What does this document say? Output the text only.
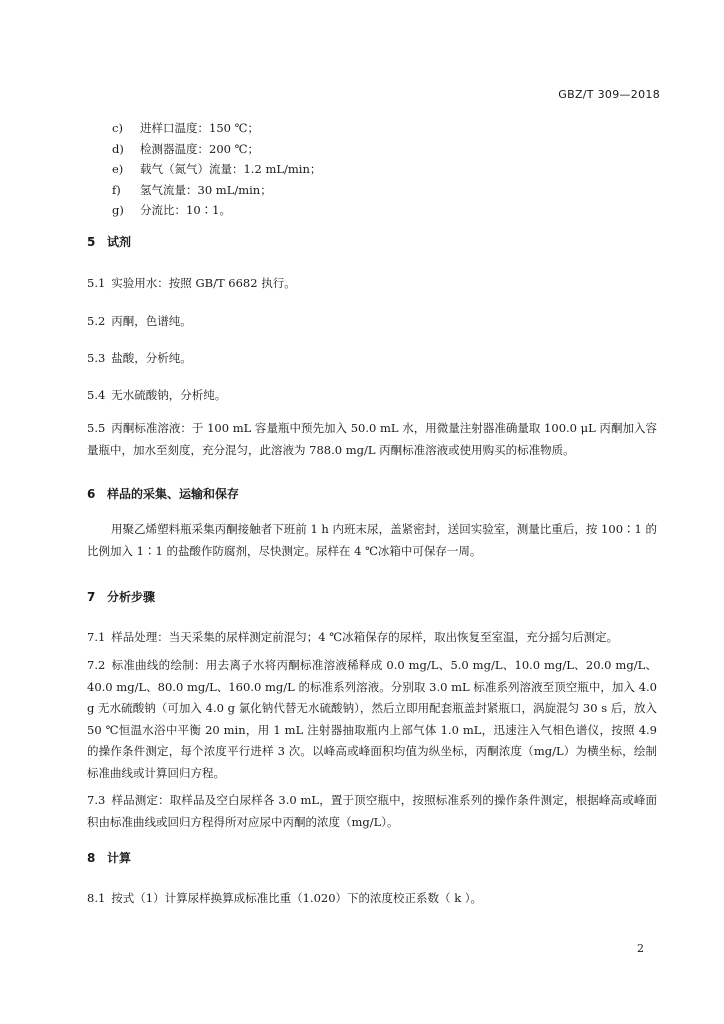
GBZ/T 309—2018
c) 进样口温度：150 ℃；
d) 检测器温度：200 ℃；
e) 载气（氮气）流量：1.2 mL/min；
f) 氢气流量：30 mL/min；
g) 分流比：10∶1。
5 试剂
5.1 实验用水：按照 GB/T 6682 执行。
5.2 丙酮，色谱纯。
5.3 盐酸，分析纯。
5.4 无水硫酸钠，分析纯。
5.5 丙酮标准溶液：于 100 mL 容量瓶中预先加入 50.0 mL 水，用微量注射器准确量取 100.0 μL 丙酮加入容量瓶中，加水至刻度，充分混匀，此溶液为 788.0 mg/L 丙酮标准溶液或使用购买的标准物质。
6 样品的采集、运输和保存
用聚乙烯塑料瓶采集丙酮接触者下班前 1 h 内班末尿，盖紧密封，送回实验室，测量比重后，按 100∶1 的比例加入 1∶1 的盐酸作防腐剂，尽快测定。尿样在 4 ℃冰箱中可保存一周。
7 分析步骤
7.1 样品处理：当天采集的尿样测定前混匀；4 ℃冰箱保存的尿样，取出恢复至室温，充分摇匀后测定。
7.2 标准曲线的绘制：用去离子水将丙酮标准溶液稀释成 0.0 mg/L、5.0 mg/L、10.0 mg/L、20.0 mg/L、40.0 mg/L、80.0 mg/L、160.0 mg/L 的标准系列溶液。分别取 3.0 mL 标准系列溶液至顶空瓶中，加入 4.0 g 无水硫酸钠（可加入 4.0 g 氯化钠代替无水硫酸钠），然后立即用配套瓶盖封紧瓶口，涡旋混匀 30 s 后，放入 50 ℃恒温水浴中平衡 20 min，用 1 mL 注射器抽取瓶内上部气体 1.0 mL，迅速注入气相色谱仪，按照 4.9 的操作条件测定，每个浓度平行进样 3 次。以峰高或峰面积均值为纵坐标，丙酮浓度（mg/L）为横坐标，绘制标准曲线或计算回归方程。
7.3 样品测定：取样品及空白尿样各 3.0 mL，置于顶空瓶中，按照标准系列的操作条件测定，根据峰高或峰面积由标准曲线或回归方程得所对应尿中丙酮的浓度（mg/L）。
8 计算
8.1 按式（1）计算尿样换算成标准比重（1.020）下的浓度校正系数（ k ）。
2
